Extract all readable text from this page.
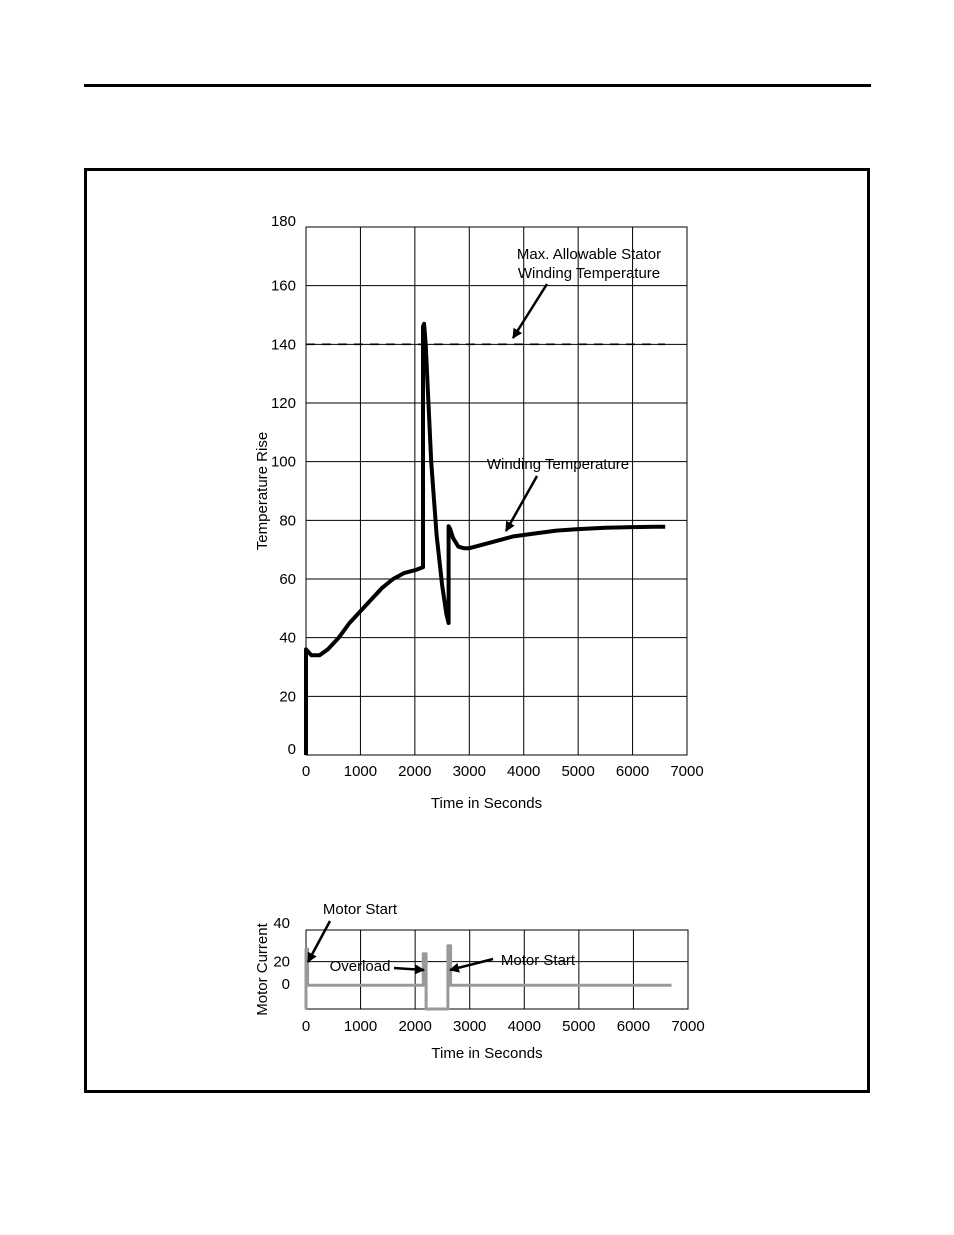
0 1000 2000 3000 4000 5000 6000 7000
0
20
40
60
80
100
120
140
160
180
Time in Seconds
Temperature Rise
Max. Allowable Stator
Winding Temperature
Winding Temperature
0 1000 2000 3000 4000 5000 6000 7000
0
20
40
Time in Seconds
Motor Current
Motor Start
Overload	Motor Start
